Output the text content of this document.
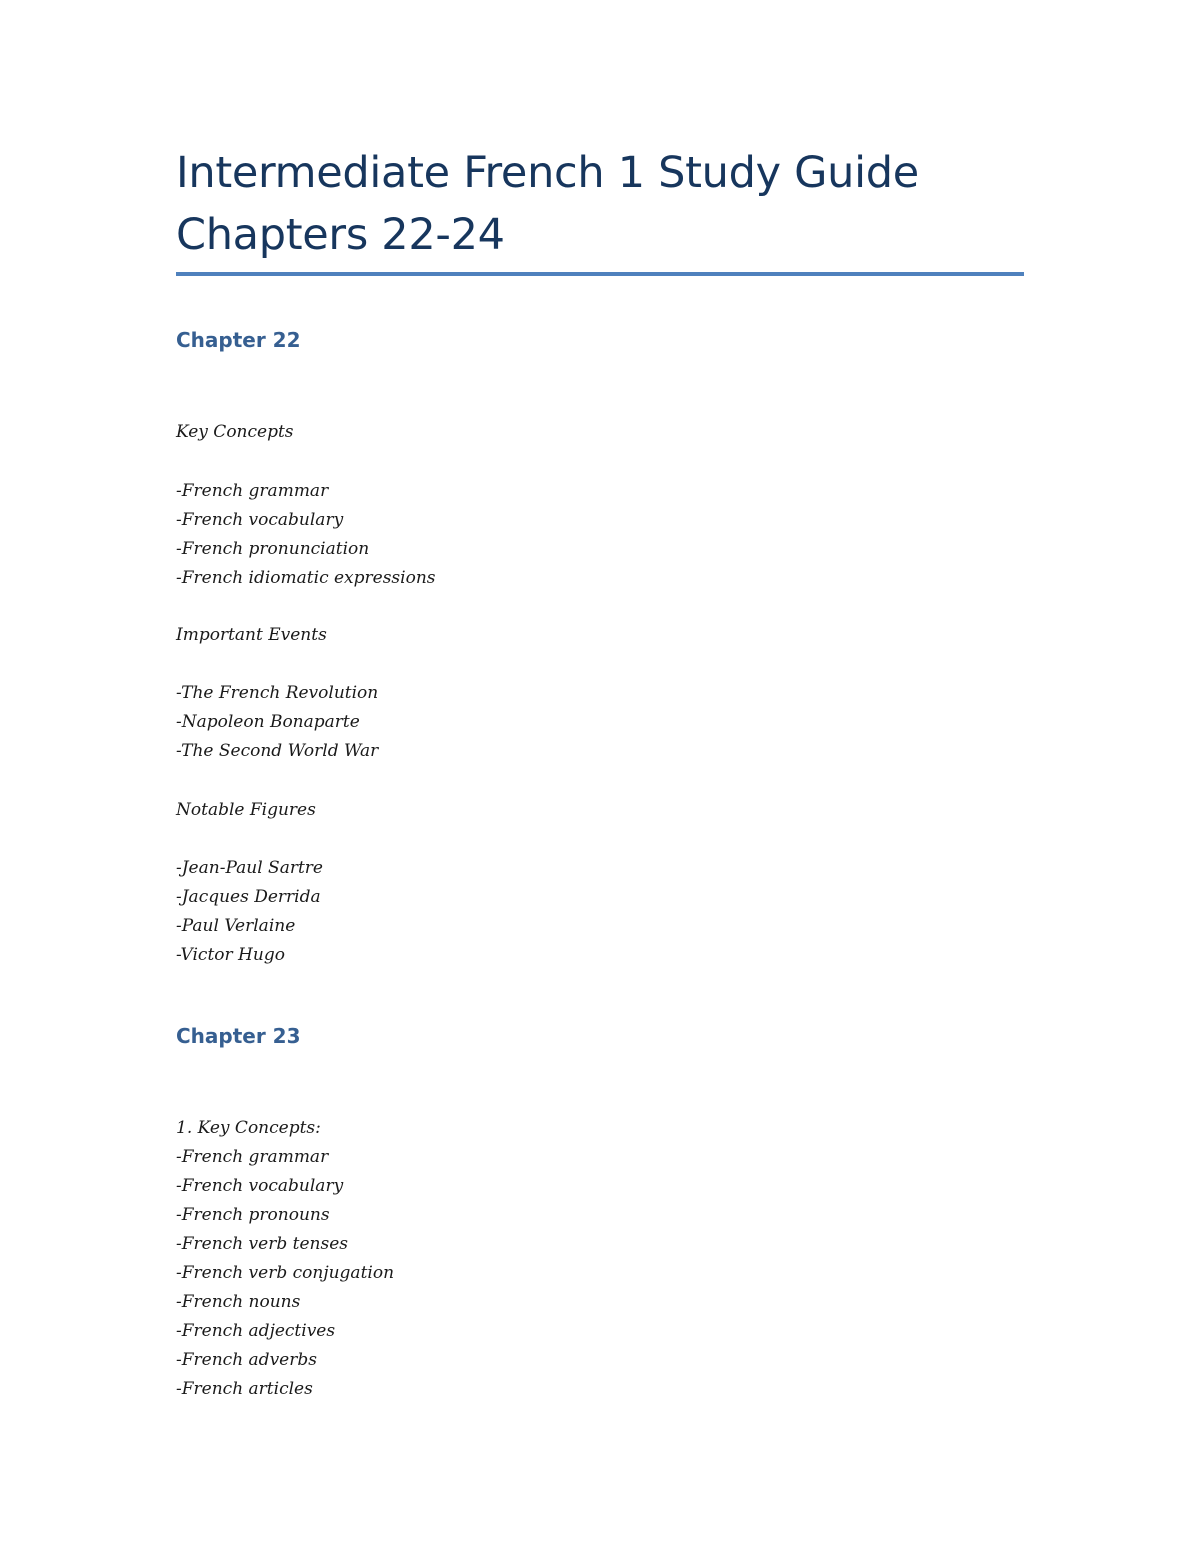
Intermediate French 1 Study Guide
Chapters 22-24
Chapter 22

Key Concepts

-French grammar
-French vocabulary
-French pronunciation
-French idiomatic expressions

Important Events

-The French Revolution
-Napoleon Bonaparte
-The Second World War

Notable Figures

-Jean-Paul Sartre
-Jacques Derrida
-Paul Verlaine
-Victor Hugo
Chapter 23

1. Key Concepts:

-French grammar
-French vocabulary
-French pronouns
-French verb tenses
-French verb conjugation
-French nouns
-French adjectives
-French adverbs
-French articles
